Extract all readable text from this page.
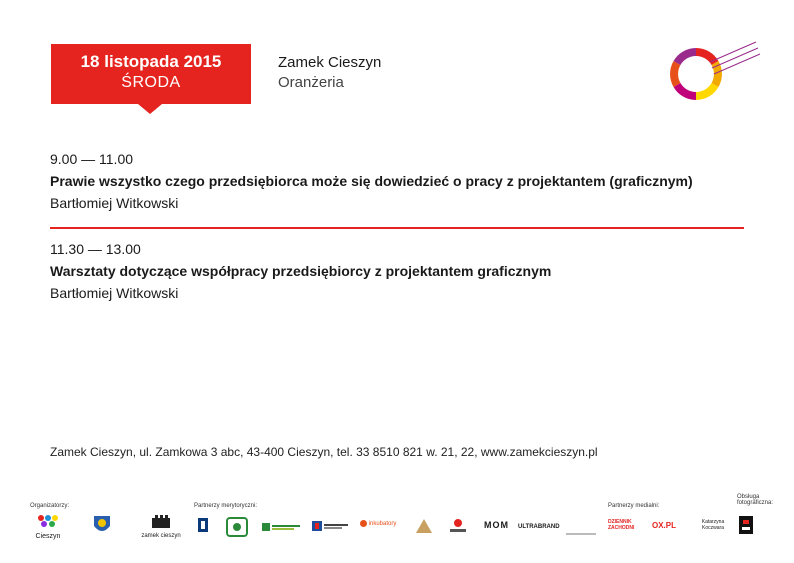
18 listopada 2015
ŚRODA
Zamek Cieszyn
Oranżeria
9.00 — 11.00
Prawie wszystko czego przedsiębiorca może się dowiedzieć o pracy z projektantem (graficznym)
Bartłomiej Witkowski
11.30 — 13.00
Warsztaty dotyczące współpracy przedsiębiorcy z projektantem graficznym
Bartłomiej Witkowski
Zamek Cieszyn, ul. Zamkowa 3 abc, 43-400 Cieszyn, tel. 33 8510 821 w. 21, 22, www.zamekcieszyn.pl
Organizatorzy:	Partnerzy merytoryczni:	Partnerzy medialni:
Obsługa fotograficzna:
Cieszyn	zamek cieszyn
inkubatory	MOM ULTRABRAND
DZIENNIK ZACHODNI	OX.PL	Katarzyna Koczwara
